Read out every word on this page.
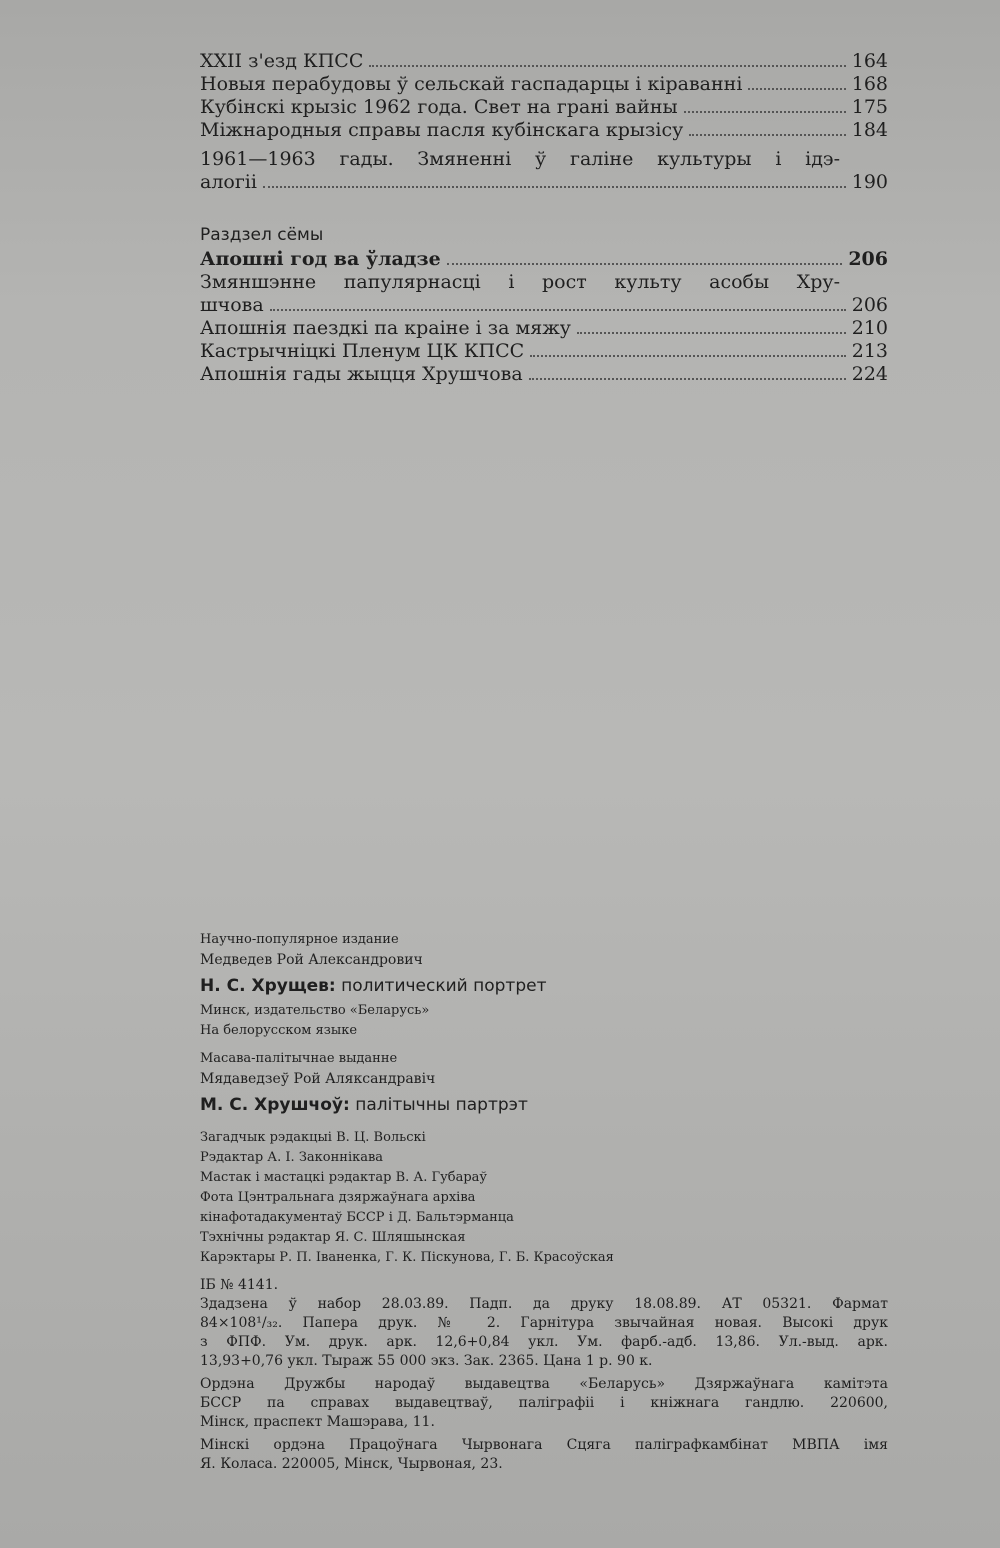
XXII з'езд КПСС	164
Новыя перабудовы ў сельскай гаспадарцы і кіраванні	168
Кубінскі крызіс 1962 года. Свет на грані вайны	175
Міжнародныя справы пасля кубінскага крызісу	184
1961—1963 гады. Змяненні ў галіне культуры і ідэ-
алогіі	190
Раздзел сёмы
Апошні год ва ўладзе	206
Змяншэнне папулярнасці і рост культу асобы Хру-
шчова	206
Апошнія паездкі па краіне і за мяжу	210
Кастрычніцкі Пленум ЦК КПСС	213
Апошнія гады жыцця Хрушчова	224
Научно-популярное издание
Медведев Рой Александрович
Н. С. Хрущев: политический портрет
Минск, издательство «Беларусь»
На белорусском языке
Масава-палітычнае выданне
Мядаведзеў Рой Аляксандравіч
М. С. Хрушчоў: палітычны партрэт
Загадчык рэдакцыі В. Ц. Вольскі
Рэдактар А. І. Законнікава
Мастак і мастацкі рэдактар В. А. Губараў
Фота Цэнтральнага дзяржаўнага архіва
кінафотадакументаў БССР і Д. Бальтэрманца
Тэхнічны рэдактар Я. С. Шляшынская
Карэктары Р. П. Іваненка, Г. К. Піскунова, Г. Б. Красоўская
ІБ № 4141.
Здадзена ў набор 28.03.89. Падп. да друку 18.08.89. АТ 05321. Фармат
84×108¹/₃₂. Папера друк. № 2. Гарнітура звычайная новая. Высокі друк
з ФПФ. Ум. друк. арк. 12,6+0,84 укл. Ум. фарб.-адб. 13,86. Ул.-выд. арк.
13,93+0,76 укл. Тыраж 55 000 экз. Зак. 2365. Цана 1 р. 90 к.
Ордэна Дружбы народаў выдавецтва «Беларусь» Дзяржаўнага камітэта
БССР па справах выдавецтваў, паліграфіі і кніжнага гандлю. 220600,
Мінск, праспект Машэрава, 11.
Мінскі ордэна Працоўнага Чырвонага Сцяга паліграфкамбінат МВПА імя
Я. Коласа. 220005, Мінск, Чырвоная, 23.
